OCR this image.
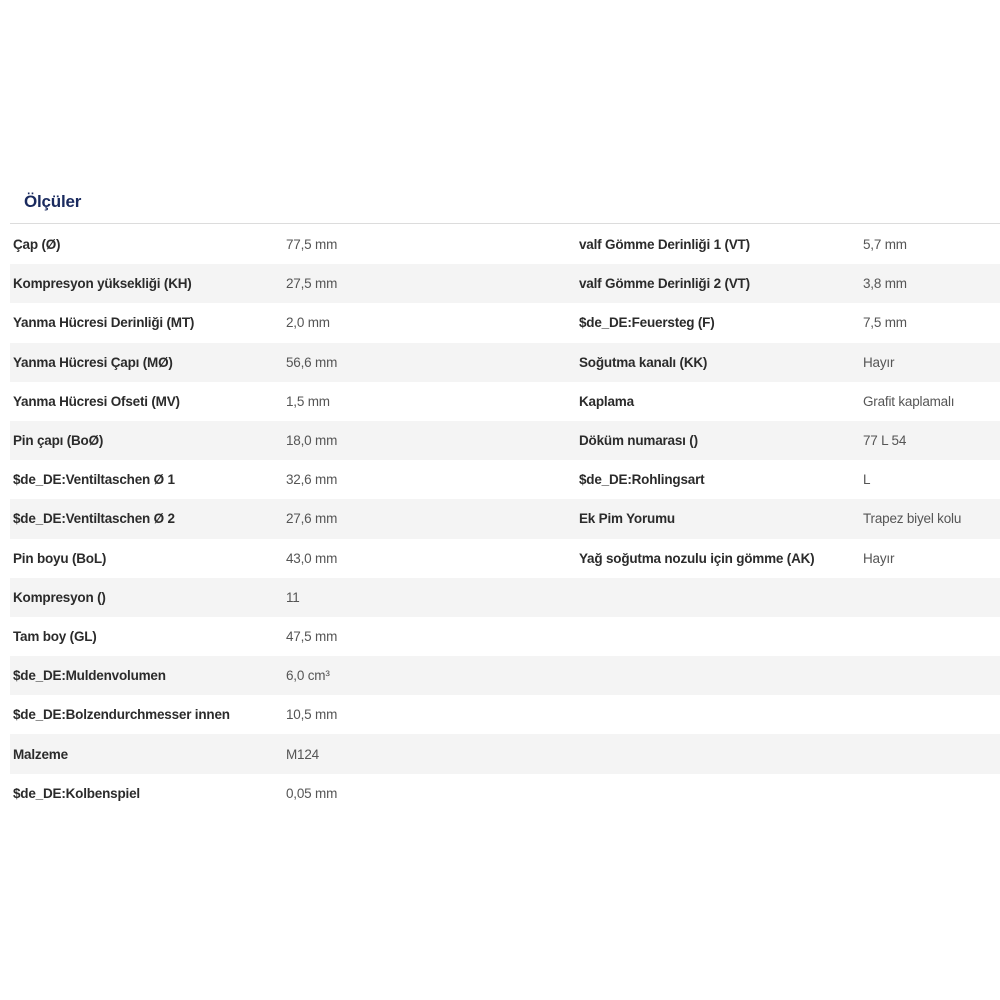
Ölçüler
Çap (Ø)	77,5 mm	valf Gömme Derinliği 1 (VT)	5,7 mm
Kompresyon yüksekliği (KH)	27,5 mm	valf Gömme Derinliği 2 (VT)	3,8 mm
Yanma Hücresi Derinliği (MT)	2,0 mm	$de_DE:Feuersteg (F)	7,5 mm
Yanma Hücresi Çapı (MØ)	56,6 mm	Soğutma kanalı (KK)	Hayır
Yanma Hücresi Ofseti (MV)	1,5 mm	Kaplama	Grafit kaplamalı
Pin çapı (BoØ)	18,0 mm	Döküm numarası ()	77 L 54
$de_DE:Ventiltaschen Ø 1	32,6 mm	$de_DE:Rohlingsart	L
$de_DE:Ventiltaschen Ø 2	27,6 mm	Ek Pim Yorumu	Trapez biyel kolu
Pin boyu (BoL)	43,0 mm	Yağ soğutma nozulu için gömme (AK)	Hayır
Kompresyon ()	11
Tam boy (GL)	47,5 mm
$de_DE:Muldenvolumen	6,0 cm³
$de_DE:Bolzendurchmesser innen	10,5 mm
Malzeme	M124
$de_DE:Kolbenspiel	0,05 mm
